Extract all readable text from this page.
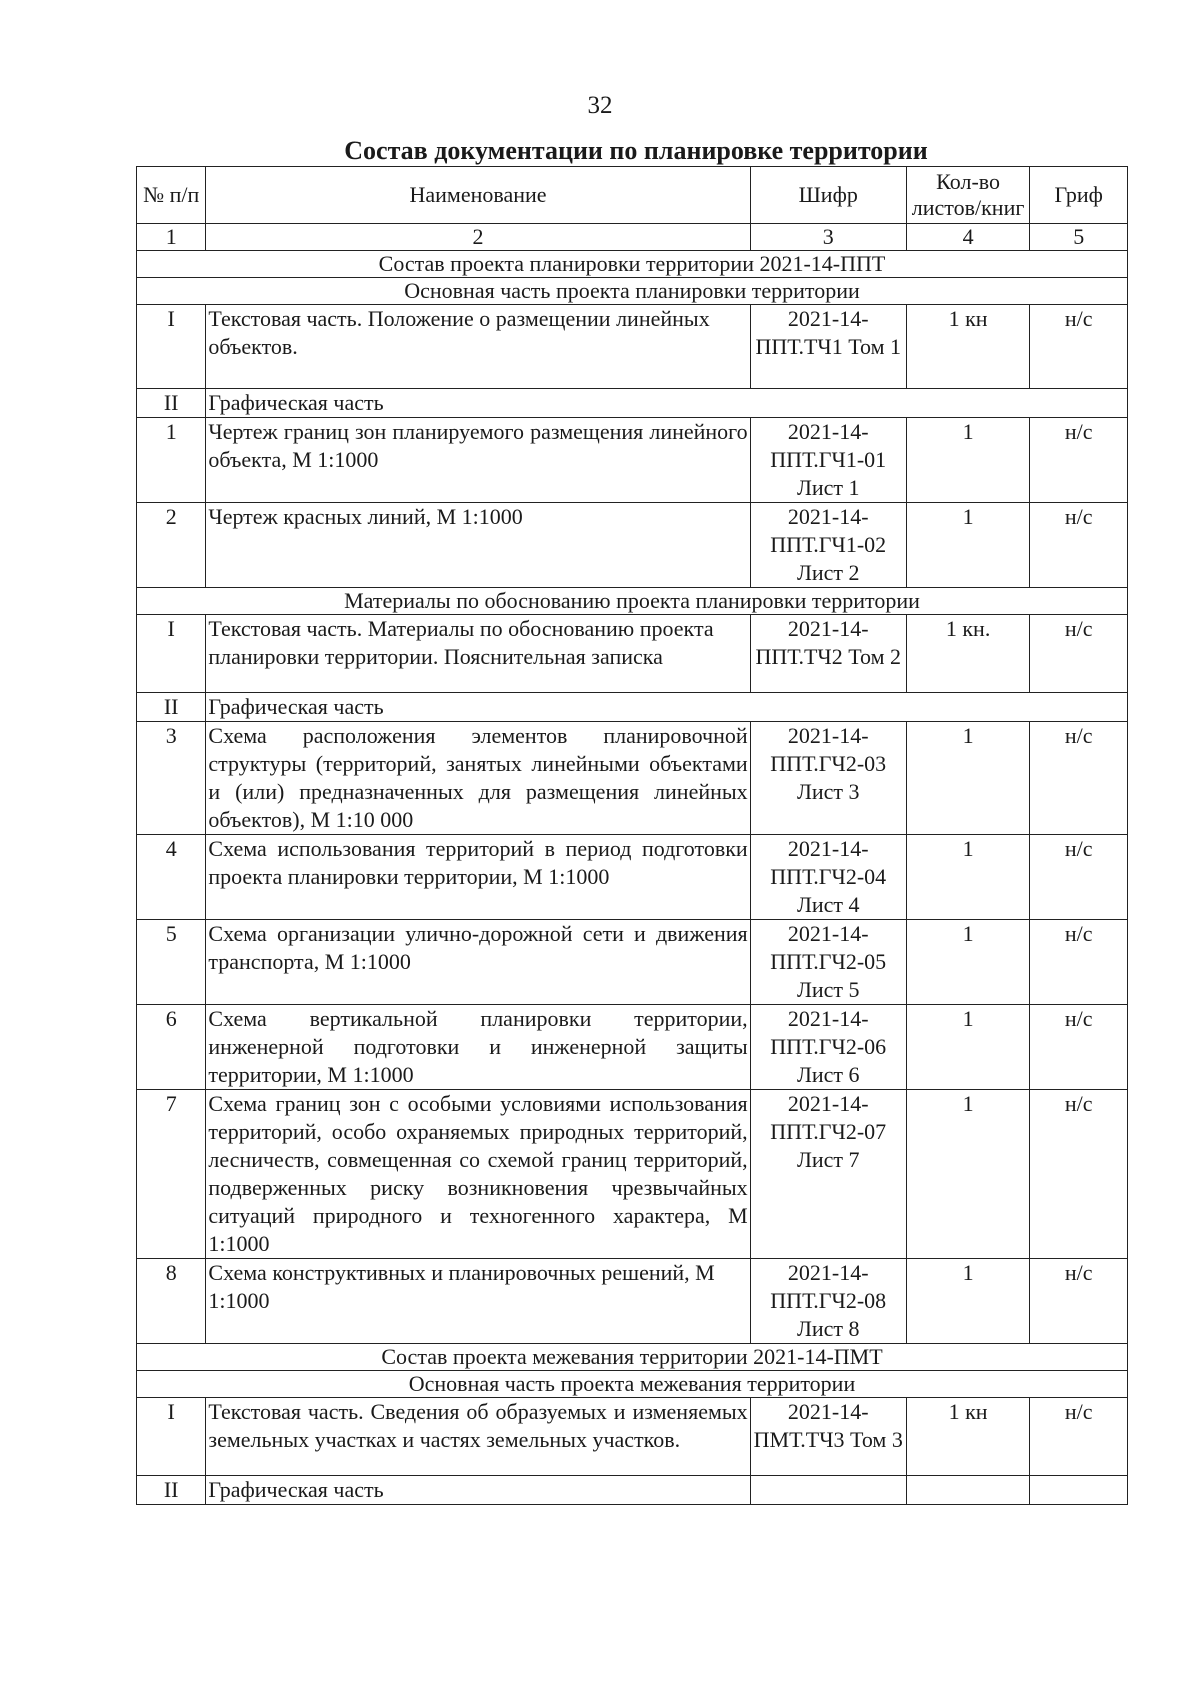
32
Состав документации по планировке территории
№ п/п	Наименование	Шифр	Кол-во листов/книг	Гриф
1	2	3	4	5
Состав проекта планировки территории 2021-14-ППТ				
Основная часть проекта планировки территории				
I	Текстовая часть. Положение о размещении линейных объектов.	2021-14- ППТ.ТЧ1 Том 1	1 кн	н/с
II	Графическая часть			
1	Чертеж границ зон планируемого размещения линейного объекта, М 1:1000	2021-14- ППТ.ГЧ1-01 Лист 1	1	н/с
2	Чертеж красных линий, М 1:1000	2021-14- ППТ.ГЧ1-02 Лист 2	1	н/с
Материалы по обоснованию проекта планировки территории				
I	Текстовая часть. Материалы по обоснованию проекта планировки территории. Пояснительная записка	2021-14- ППТ.ТЧ2 Том 2	1 кн.	н/с
II	Графическая часть			
3	Схема расположения элементов планировочной структуры (территорий, занятых линейными объектами и (или) предназначенных для размещения линейных объектов), М 1:10 000	2021-14- ППТ.ГЧ2-03 Лист 3	1	н/с
4	Схема использования территорий в период подготовки проекта планировки территории, М 1:1000	2021-14- ППТ.ГЧ2-04 Лист 4	1	н/с
5	Схема организации улично-дорожной сети и движения транспорта, М 1:1000	2021-14- ППТ.ГЧ2-05 Лист 5	1	н/с
6	Схема вертикальной планировки территории, инженерной подготовки и инженерной защиты территории, М 1:1000	2021-14- ППТ.ГЧ2-06 Лист 6	1	н/с
7	Схема границ зон с особыми условиями использования территорий, особо охраняемых природных территорий, лесничеств, совмещенная со схемой границ территорий, подверженных риску возникновения чрезвычайных ситуаций природного и техногенного характера, М 1:1000	2021-14- ППТ.ГЧ2-07 Лист 7	1	н/с
8	Схема конструктивных и планировочных решений, М 1:1000	2021-14- ППТ.ГЧ2-08 Лист 8	1	н/с
Состав проекта межевания территории 2021-14-ПМТ				
Основная часть проекта межевания территории				
I	Текстовая часть. Сведения об образуемых и изменяемых земельных участках и частях земельных участков.	2021-14- ПМТ.ТЧ3 Том 3	1 кн	н/с
II	Графическая часть			
